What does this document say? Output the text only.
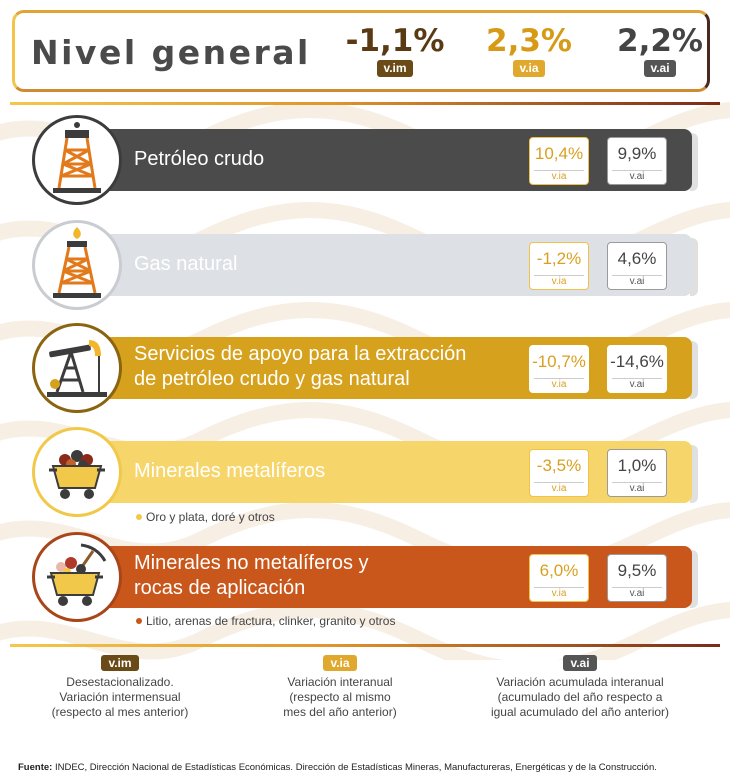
Nivel general -1,1%
v.im
2,3%
v.ia
2,2%
v.ai
Petróleo crudo	10,4%
v.ia
9,9%
v.ai
Gas natural	-1,2%
v.ia
4,6%
v.ai
Servicios de apoyo para la extracción
de petróleo crudo y gas natural
-10,7%
v.ia
-14,6%
v.ai
Minerales metalíferos	-3,5%
v.ia
1,0%
v.ai
Oro y plata, doré y otros
Minerales no metalíferos y
rocas de aplicación
6,0%
v.ia
9,5%
v.ai
Litio, arenas de fractura, clinker, granito y otros
v.im
Desestacionalizado.
Variación intermensual
(respecto al mes anterior)
v.ia
Variación interanual
(respecto al mismo
mes del año anterior)
v.ai
Variación acumulada interanual
(acumulado del año respecto a
igual acumulado del año anterior)
Fuente: INDEC, Dirección Nacional de Estadísticas Económicas. Dirección de Estadísticas Mineras, Manufactureras, Energéticas y de la Construcción.
